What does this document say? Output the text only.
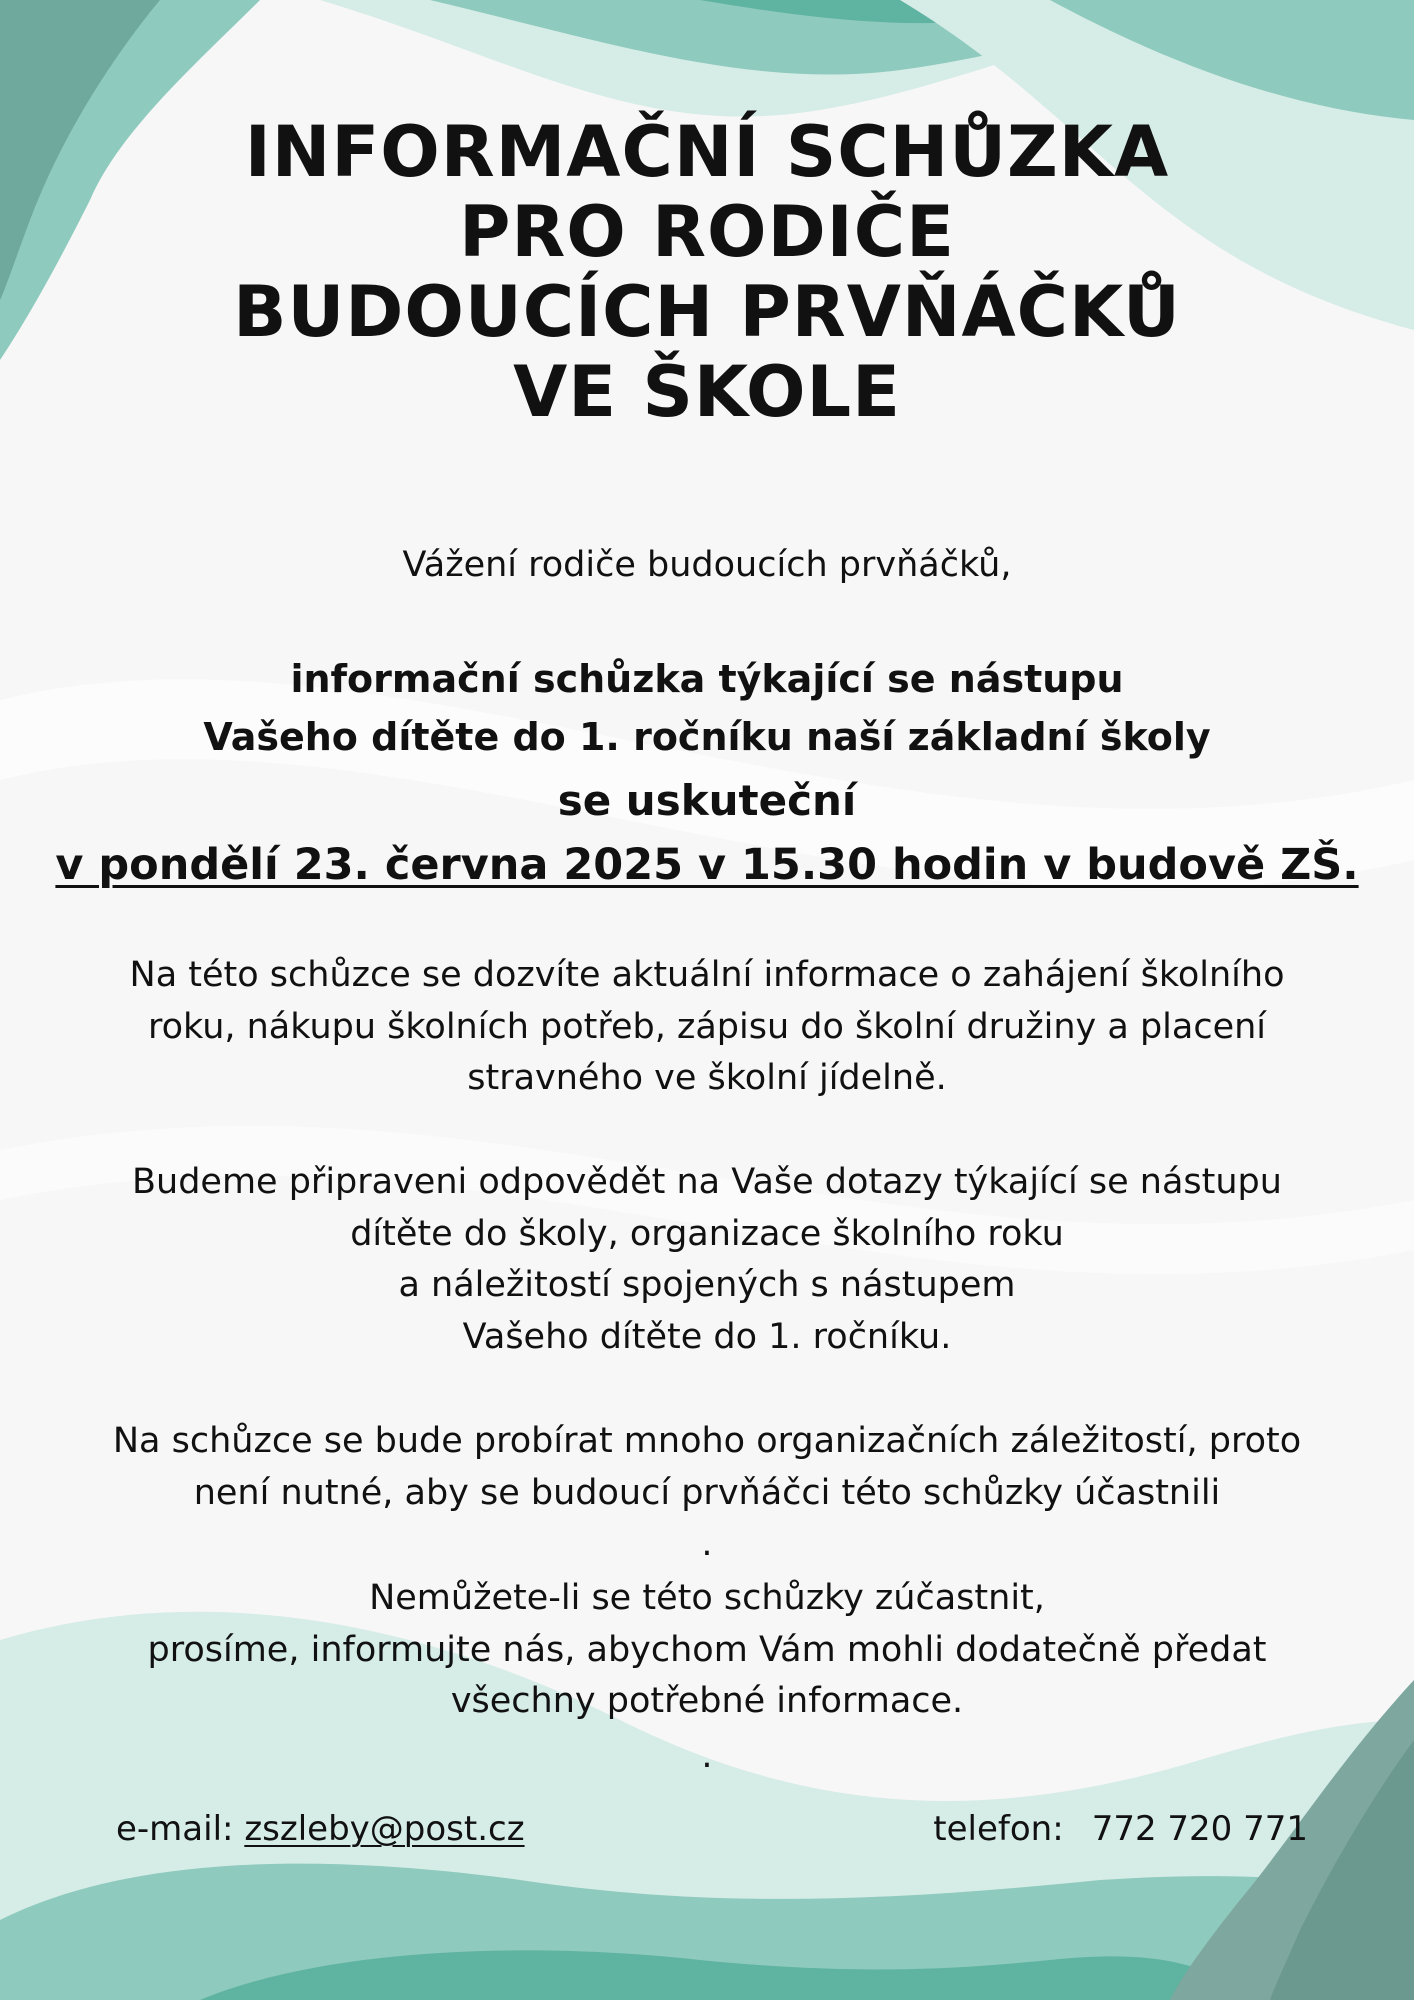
INFORMAČNÍ SCHŮZKA
PRO RODIČE
BUDOUCÍCH PRVŇÁČKŮ
VE ŠKOLE

Vážení rodiče budoucích prvňáčků,

informační schůzka týkající se nástupu

Vašeho dítěte do 1. ročníku naší základní školy

se uskuteční

v pondělí 23. června 2025 v 15.30 hodin v budově ZŠ.

Na této schůzce se dozvíte aktuální informace o zahájení školního
roku, nákupu školních potřeb, zápisu do školní družiny a placení
stravného ve školní jídelně.
Budeme připraveni odpovědět na Vaše dotazy týkající se nástupu
dítěte do školy, organizace školního roku
a náležitostí spojených s nástupem
Vašeho dítěte do 1. ročníku.
Na schůzce se bude probírat mnoho organizačních záležitostí, proto
není nutné, aby se budoucí prvňáčci této schůzky účastnili
.
Nemůžete-li se této schůzky zúčastnit,
prosíme, informujte nás, abychom Vám mohli dodatečně předat
všechny potřebné informace.
.
e-mail: zszleby@post.cz	telefon: 772 720 771
